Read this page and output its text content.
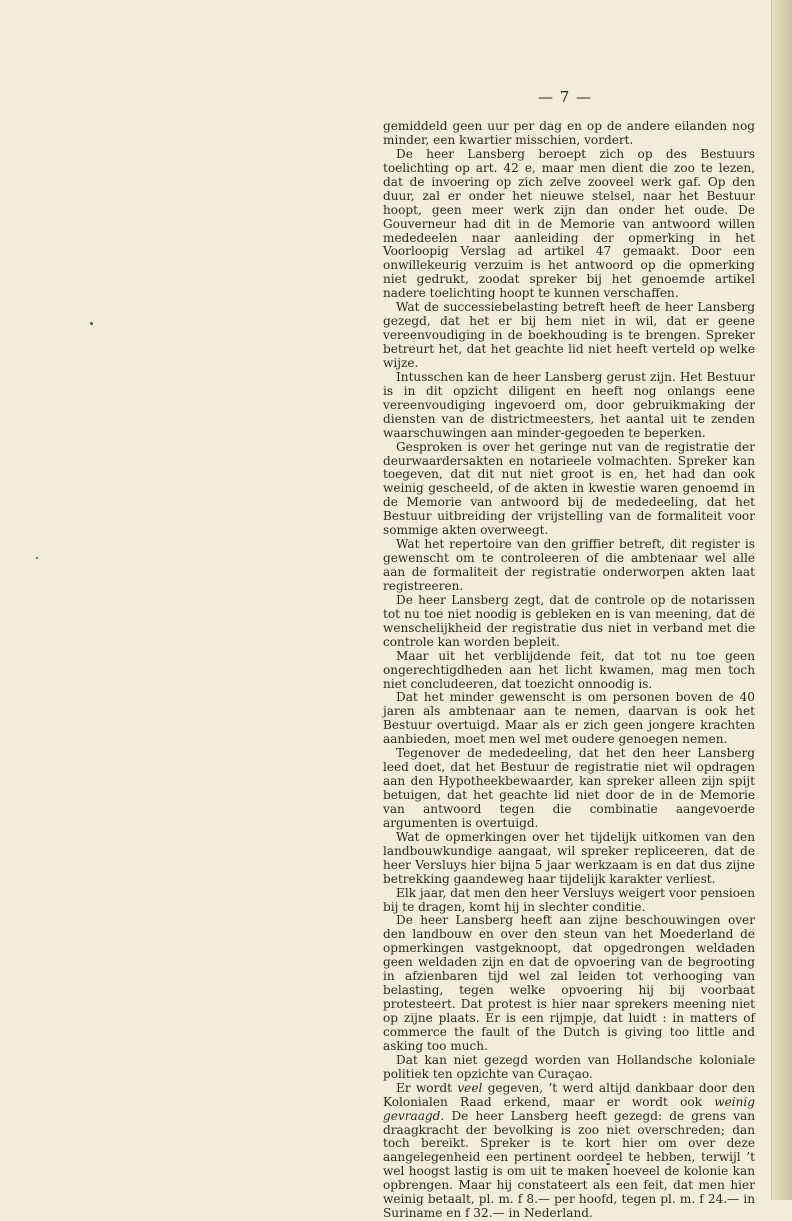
— 7 —

gemiddeld geen uur per dag en op de andere eilanden nog minder, een kwartier misschien, vordert.

De heer Lansberg beroept zich op des Bestuurs toelichting op art. 42 e, maar men dient die zoo te lezen, dat de invoering op zich zelve zooveel werk gaf. Op den duur, zal er onder het nieuwe stelsel, naar het Bestuur hoopt, geen meer werk zijn dan onder het oude. De Gouverneur had dit in de Memorie van antwoord willen mededeelen naar aanleiding der opmerking in het Voorloopig Verslag ad artikel 47 gemaakt. Door een onwillekeurig verzuim is het antwoord op die opmerking niet gedrukt, zoodat spreker bij het genoemde artikel nadere toelichting hoopt te kunnen verschaffen.

Wat de successiebelasting betreft heeft de heer Lansberg gezegd, dat het er bij hem niet in wil, dat er geene vereenvoudiging in de boekhouding is te brengen. Spreker betreurt het, dat het geachte lid niet heeft verteld op welke wijze.

Intusschen kan de heer Lansberg gerust zijn. Het Bestuur is in dit opzicht diligent en heeft nog onlangs eene vereenvoudiging ingevoerd om, door gebruikmaking der diensten van de districtmeesters, het aantal uit te zenden waarschuwingen aan minder-gegoeden te beperken.

Gesproken is over het geringe nut van de registratie der deurwaardersakten en notarieele volmachten. Spreker kan toegeven, dat dit nut niet groot is en, het had dan ook weinig gescheeld, of de akten in kwestie waren genoemd in de Memorie van antwoord bij de mededeeling, dat het Bestuur uitbreiding der vrijstelling van de formaliteit voor sommige akten overweegt.

Wat het repertoire van den griffier betreft, dit register is gewenscht om te controleeren of die ambtenaar wel alle aan de formaliteit der registratie onderworpen akten laat registreeren.

De heer Lansberg zegt, dat de controle op de notarissen tot nu toe niet noodig is gebleken en is van meening, dat de wenschelijkheid der registratie dus niet in verband met die controle kan worden bepleit.

Maar uit het verblijdende feit, dat tot nu toe geen ongerechtigdheden aan het licht kwamen, mag men toch niet concludeeren, dat toezicht onnoodig is.

Dat het minder gewenscht is om personen boven de 40 jaren als ambtenaar aan te nemen, daarvan is ook het Bestuur overtuigd. Maar als er zich geen jongere krachten aanbieden, moet men wel met oudere genoegen nemen.

Tegenover de mededeeling, dat het den heer Lansberg leed doet, dat het Bestuur de registratie niet wil opdragen aan den Hypotheekbewaarder, kan spreker alleen zijn spijt betuigen, dat het geachte lid niet door de in de Memorie van antwoord tegen die combinatie aangevoerde argumenten is overtuigd.

Wat de opmerkingen over het tijdelijk uitkomen van den landbouwkundige aangaat, wil spreker repliceeren, dat de heer Versluys hier bijna 5 jaar werkzaam is en dat dus zijne betrekking gaandeweg haar tijdelijk karakter verliest.

Elk jaar, dat men den heer Versluys weigert voor pensioen bij te dragen, komt hij in slechter conditie.

De heer Lansberg heeft aan zijne beschouwingen over den landbouw en over den steun van het Moederland de opmerkingen vastgeknoopt, dat opgedrongen weldaden geen weldaden zijn en dat de opvoering van de begrooting in afzienbaren tijd wel zal leiden tot verhooging van belasting, tegen welke opvoering hij bij voorbaat protesteert. Dat protest is hier naar sprekers meening niet op zijne plaats. Er is een rijmpje, dat luidt : in matters of commerce the fault of the Dutch is giving too little and asking too much.

Dat kan niet gezegd worden van Hollandsche koloniale politiek ten opzichte van Curaçao.

Er wordt veel gegeven, ’t werd altijd dankbaar door den Kolonialen Raad erkend, maar er wordt ook weinig gevraagd. De heer Lansberg heeft gezegd: de grens van draagkracht der bevolking is zoo niet overschreden; dan toch bereikt. Spreker is te kort hier om over deze aangelegenheid een pertinent oordeel te hebben, terwijl ’t wel hoogst lastig is om uit te maken hoeveel de kolonie kan opbrengen. Maar hij constateert als een feit, dat men hier weinig betaalt, pl. m. f 8.— per hoofd, tegen pl. m. f 24.— in Suriname en f 32.— in Nederland.
